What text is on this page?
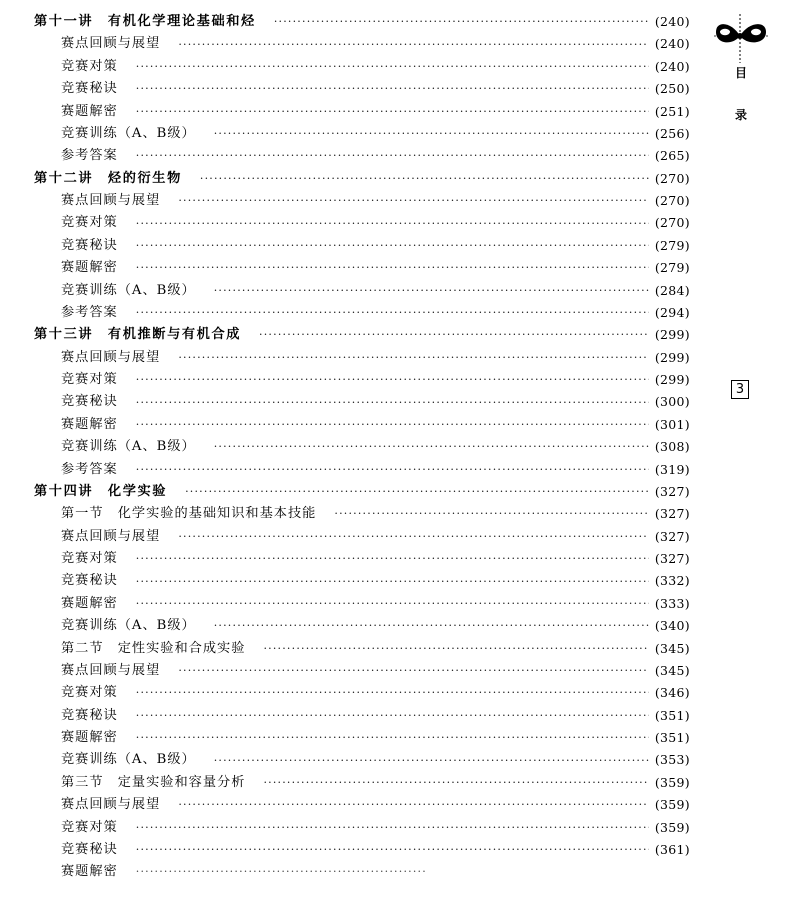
第十一讲　有机化学理论基础和烃 ·····	(240)
赛点回顾与展望 ·····	(240)
竞赛对策 ·····	(240)
竞赛秘诀 ·····	(250)
赛题解密 ·····	(251)
竞赛训练（A、B级） ·····	(256)
参考答案 ·····	(265)
第十二讲　烃的衍生物 ·····	(270)
赛点回顾与展望 ·····	(270)
竞赛对策 ·····	(270)
竞赛秘诀 ·····	(279)
赛题解密 ·····	(279)
竞赛训练（A、B级） ·····	(284)
参考答案 ·····	(294)
第十三讲　有机推断与有机合成 ·····	(299)
赛点回顾与展望 ·····	(299)
竞赛对策 ·····	(299)
竞赛秘诀 ·····	(300)
赛题解密 ·····	(301)
竞赛训练（A、B级） ·····	(308)
参考答案 ·····	(319)
第十四讲　化学实验 ·····	(327)
第一节　化学实验的基础知识和基本技能 ·····	(327)
赛点回顾与展望 ·····	(327)
竞赛对策 ·····	(327)
竞赛秘诀 ·····	(332)
赛题解密 ·····	(333)
竞赛训练（A、B级） ·····	(340)
第二节　定性实验和合成实验 ·····	(345)
赛点回顾与展望 ·····	(345)
竞赛对策 ·····	(346)
竞赛秘诀 ·····	(351)
赛题解密 ·····	(351)
竞赛训练（A、B级） ·····	(353)
第三节　定量实验和容量分析 ·····	(359)
赛点回顾与展望 ·····	(359)
竞赛对策 ·····	(359)
竞赛秘诀 ·····	(361)
赛题解密
·····
目
录
3
